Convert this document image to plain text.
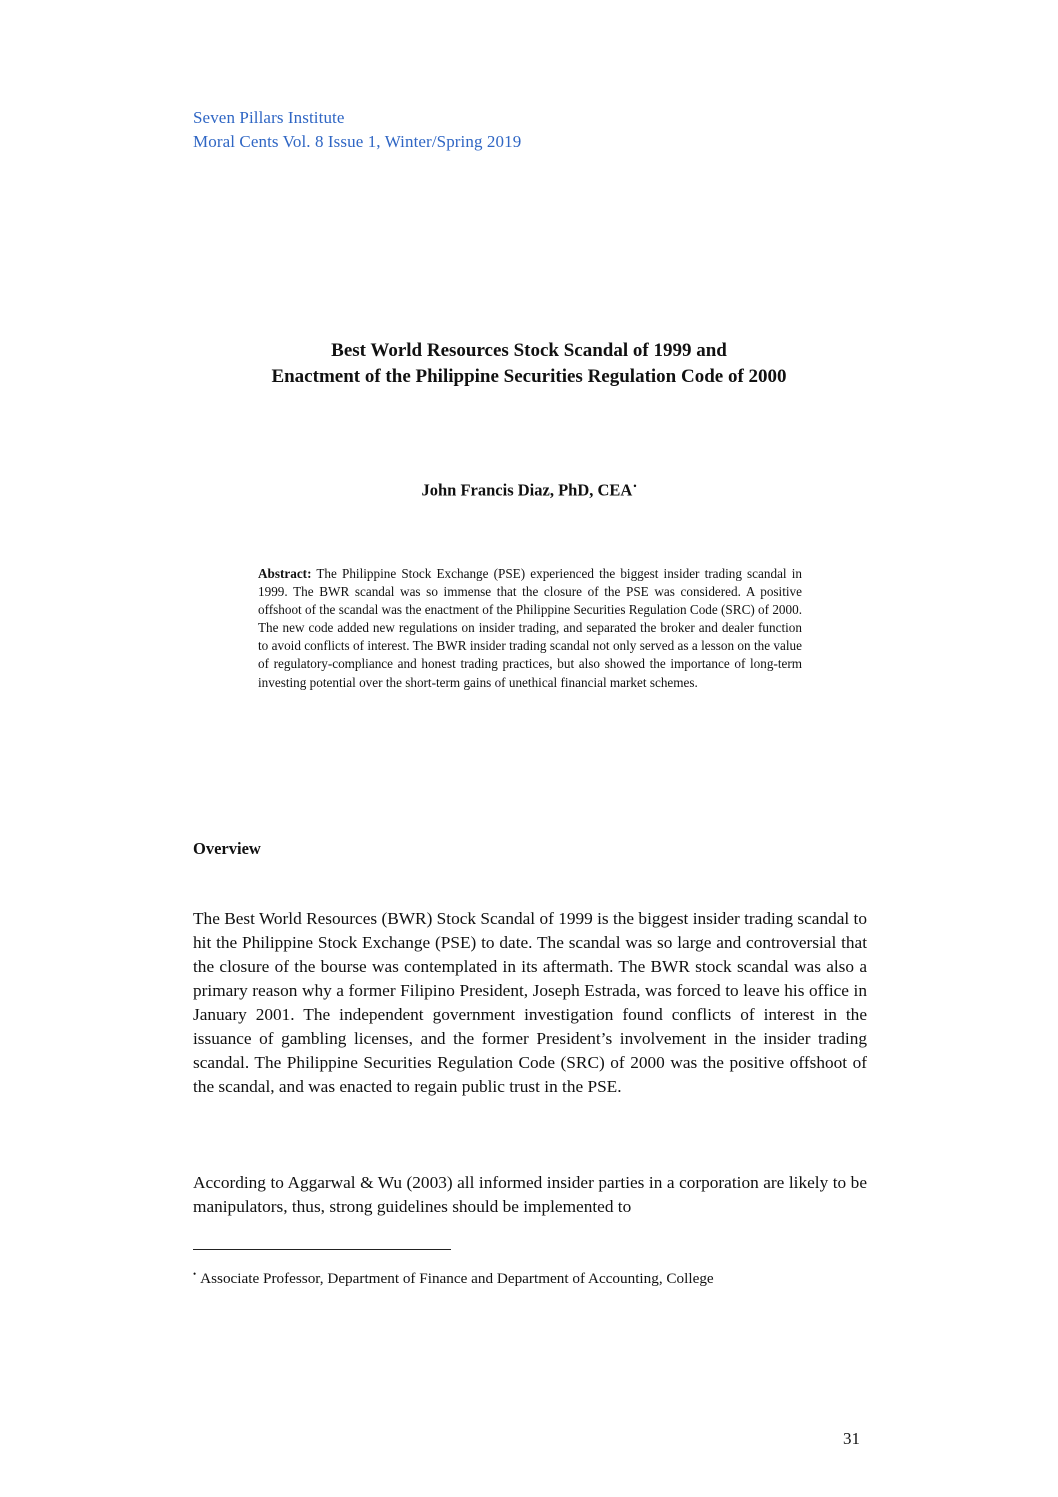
Seven Pillars Institute
Moral Cents Vol. 8 Issue 1, Winter/Spring 2019
Best World Resources Stock Scandal of 1999 and
Enactment of the Philippine Securities Regulation Code of 2000
John Francis Diaz, PhD, CEA•
Abstract: The Philippine Stock Exchange (PSE) experienced the biggest insider trading scandal in 1999. The BWR scandal was so immense that the closure of the PSE was considered. A positive offshoot of the scandal was the enactment of the Philippine Securities Regulation Code (SRC) of 2000. The new code added new regulations on insider trading, and separated the broker and dealer function to avoid conflicts of interest. The BWR insider trading scandal not only served as a lesson on the value of regulatory-compliance and honest trading practices, but also showed the importance of long-term investing potential over the short-term gains of unethical financial market schemes.
Overview
The Best World Resources (BWR) Stock Scandal of 1999 is the biggest insider trading scandal to hit the Philippine Stock Exchange (PSE) to date. The scandal was so large and controversial that the closure of the bourse was contemplated in its aftermath. The BWR stock scandal was also a primary reason why a former Filipino President, Joseph Estrada, was forced to leave his office in January 2001. The independent government investigation found conflicts of interest in the issuance of gambling licenses, and the former President’s involvement in the insider trading scandal. The Philippine Securities Regulation Code (SRC) of 2000 was the positive offshoot of the scandal, and was enacted to regain public trust in the PSE.
According to Aggarwal & Wu (2003) all informed insider parties in a corporation are likely to be manipulators, thus, strong guidelines should be implemented to
• Associate Professor, Department of Finance and Department of Accounting, College
31
